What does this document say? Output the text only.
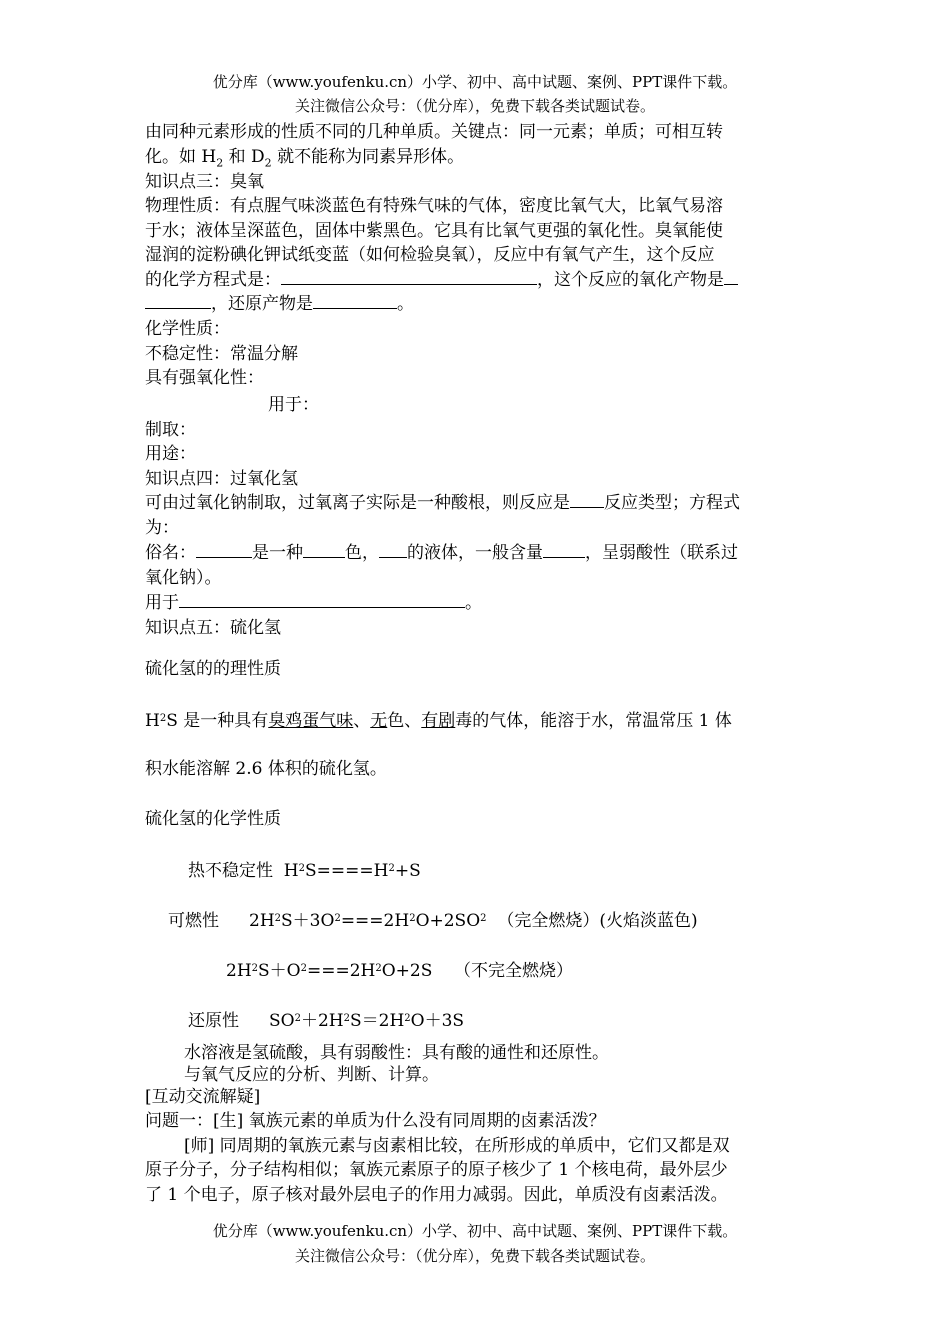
优分库（www.youfenku.cn）小学、初中、高中试题、案例、PPT课件下载。
关注微信公众号：（优分库），免费下载各类试题试卷。
由同种元素形成的性质不同的几种单质。关键点：同一元素；单质；可相互转
化。如 $H_2$ 和 $D_2$ 就不能称为同素异形体。
知识点三：臭氧
物理性质：有点腥气味淡蓝色有特殊气味的气体，密度比氧气大，比氧气易溶
于水；液体呈深蓝色，固体中紫黑色。它具有比氧气更强的氧化性。臭氧能使
湿润的淀粉碘化钾试纸变蓝（如何检验臭氧），反应中有氧气产生，这个反应
的化学方程式是：	，这个反应的氧化产物是
，还原产物是	。
化学性质：
不稳定性：常温分解
具有强氧化性：
用于：
制取：
用途：
知识点四：过氧化氢
可由过氧化钠制取，过氧离子实际是一种酸根，则反应是 反应类型；方程式
为：
俗名：	是一种 色， 的液体，一般含量 ，呈弱酸性（联系过
氧化钠）。
用于	。
知识点五：硫化氢
硫化氢的的理性质
$H^2S$ 是一种具有臭鸡蛋气味、无色、有剧毒的气体，能溶于水，常温常压 1 体
积水能溶解 2.6 体积的硫化氢。
硫化氢的化学性质
热不稳定性  $H^2S====H^2+S$
可燃性 $2H^2S+3O^2===2H^2O+2SO^2$ （完全燃烧）(火焰淡蓝色)
$2H^2S+O^2===2H^2O+2S$    （不完全燃烧）
还原性 $SO^2+2H^2S=2H^2O+3S$
水溶液是氢硫酸，具有弱酸性：具有酸的通性和还原性。
与氧气反应的分析、判断、计算。
[互动交流解疑]
问题一：[生] 氧族元素的单质为什么没有同周期的卤素活泼？
[师] 同周期的氧族元素与卤素相比较，在所形成的单质中，它们又都是双
原子分子，分子结构相似；氧族元素原子的原子核少了 1 个核电荷，最外层少
了 1 个电子，原子核对最外层电子的作用力减弱。因此，单质没有卤素活泼。
优分库（www.youfenku.cn）小学、初中、高中试题、案例、PPT课件下载。
关注微信公众号：（优分库），免费下载各类试题试卷。
